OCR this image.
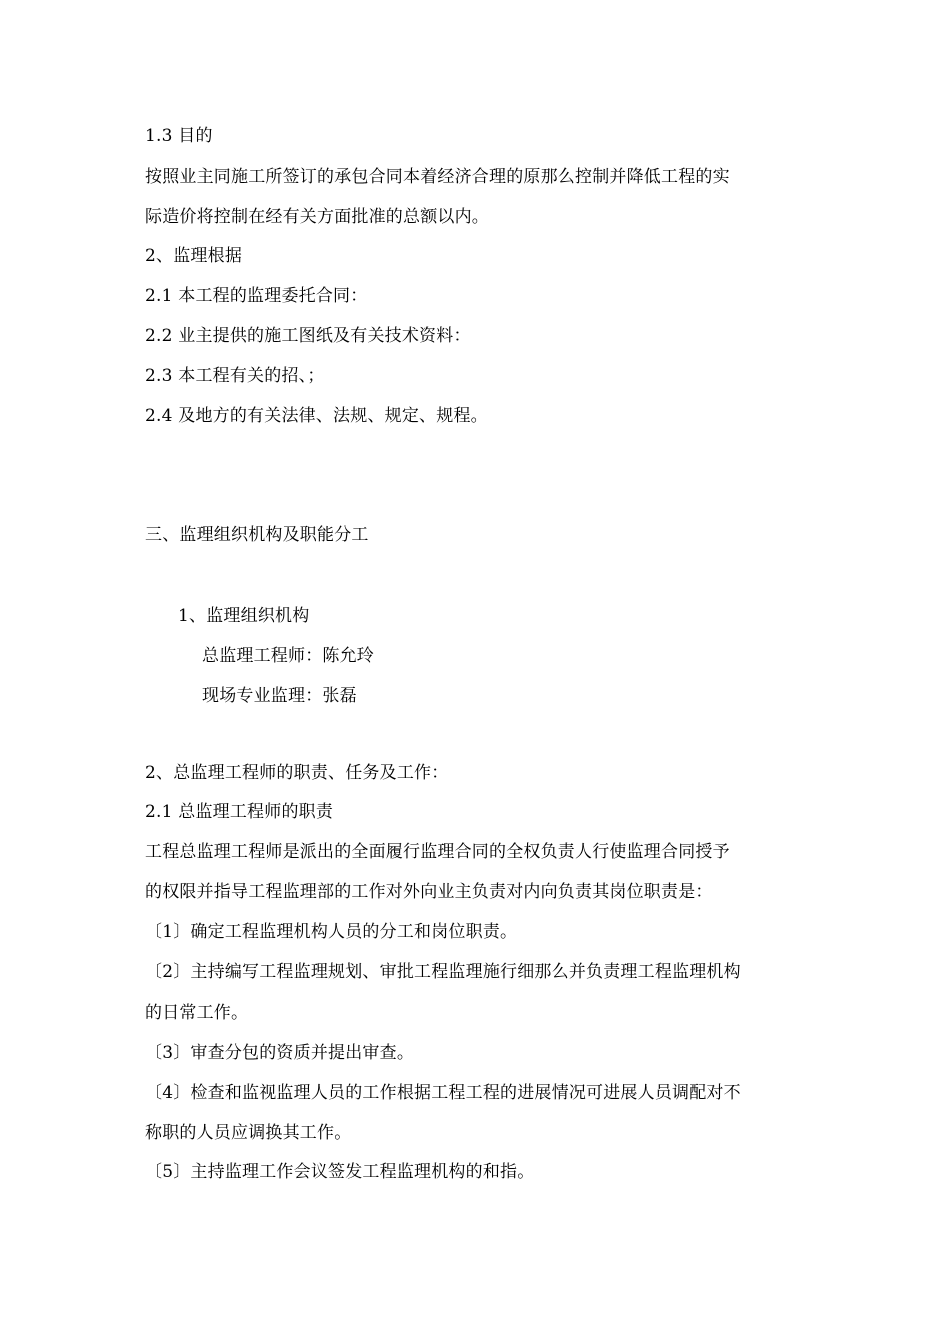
1.3 目的
按照业主同施工所签订的承包合同本着经济合理的原那么控制并降低工程的实
际造价将控制在经有关方面批准的总额以内。
2、监理根据
2.1 本工程的监理委托合同：
2.2 业主提供的施工图纸及有关技术资料：
2.3 本工程有关的招、；
2.4 及地方的有关法律、法规、规定、规程。
三、监理组织机构及职能分工
1、监理组织机构
总监理工程师：陈允玲
现场专业监理：张磊
2、总监理工程师的职责、任务及工作：
2.1 总监理工程师的职责
工程总监理工程师是派出的全面履行监理合同的全权负责人行使监理合同授予
的权限并指导工程监理部的工作对外向业主负责对内向负责其岗位职责是：
〔1〕确定工程监理机构人员的分工和岗位职责。
〔2〕主持编写工程监理规划、审批工程监理施行细那么并负责理工程监理机构
的日常工作。
〔3〕审查分包的资质并提出审查。
〔4〕检查和监视监理人员的工作根据工程工程的进展情况可进展人员调配对不
称职的人员应调换其工作。
〔5〕主持监理工作会议签发工程监理机构的和指。
